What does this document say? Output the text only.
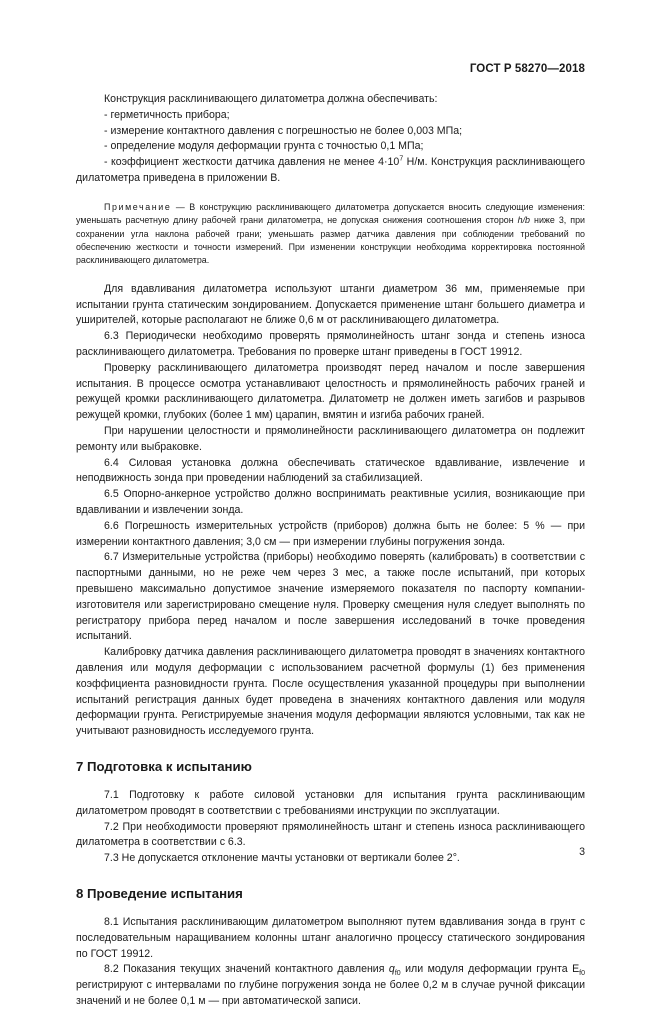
ГОСТ Р 58270—2018

Конструкция расклинивающего дилатометра должна обеспечивать:

- герметичность прибора;

- измерение контактного давления с погрешностью не более 0,003 МПа;

- определение модуля деформации грунта с точностью 0,1 МПа;

- коэффициент жесткости датчика давления не менее $4\cdot 10^7$ Н/м. Конструкция расклинивающего дилатометра приведена в приложении В.

Примечание — В конструкцию расклинивающего дилатометра допускается вносить следующие изменения: уменьшать расчетную длину рабочей грани дилатометра, не допуская снижения соотношения сторон h/b ниже 3, при сохранении угла наклона рабочей грани; уменьшать размер датчика давления при соблюдении требований по обеспечению жесткости и точности измерений. При изменении конструкции необходима корректировка постоянной расклинивающего дилатометра.

Для вдавливания дилатометра используют штанги диаметром 36 мм, применяемые при испытании грунта статическим зондированием. Допускается применение штанг большего диаметра и уширителей, которые располагают не ближе 0,6 м от расклинивающего дилатометра.

6.3 Периодически необходимо проверять прямолинейность штанг зонда и степень износа расклинивающего дилатометра. Требования по проверке штанг приведены в ГОСТ 19912.

Проверку расклинивающего дилатометра производят перед началом и после завершения испытания. В процессе осмотра устанавливают целостность и прямолинейность рабочих граней и режущей кромки расклинивающего дилатометра. Дилатометр не должен иметь загибов и разрывов режущей кромки, глубоких (более 1 мм) царапин, вмятин и изгиба рабочих граней.

При нарушении целостности и прямолинейности расклинивающего дилатометра он подлежит ремонту или выбраковке.

6.4 Силовая установка должна обеспечивать статическое вдавливание, извлечение и неподвижность зонда при проведении наблюдений за стабилизацией.

6.5 Опорно-анкерное устройство должно воспринимать реактивные усилия, возникающие при вдавливании и извлечении зонда.

6.6 Погрешность измерительных устройств (приборов) должна быть не более: 5 % — при измерении контактного давления; 3,0 см — при измерении глубины погружения зонда.

6.7 Измерительные устройства (приборы) необходимо поверять (калибровать) в соответствии с паспортными данными, но не реже чем через 3 мес, а также после испытаний, при которых превышено максимально допустимое значение измеряемого показателя по паспорту компании-изготовителя или зарегистрировано смещение нуля. Проверку смещения нуля следует выполнять по регистратору прибора перед началом и после завершения исследований в точке проведения испытаний.

Калибровку датчика давления расклинивающего дилатометра проводят в значениях контактного давления или модуля деформации с использованием расчетной формулы (1) без применения коэффициента разновидности грунта. После осуществления указанной процедуры при выполнении испытаний регистрация данных будет проведена в значениях контактного давления или модуля деформации грунта. Регистрируемые значения модуля деформации являются условными, так как не учитывают разновидность исследуемого грунта.

7 Подготовка к испытанию

7.1 Подготовку к работе силовой установки для испытания грунта расклинивающим дилатометром проводят в соответствии с требованиями инструкции по эксплуатации.

7.2 При необходимости проверяют прямолинейность штанг и степень износа расклинивающего дилатометра в соответствии с 6.3.

7.3 Не допускается отклонение мачты установки от вертикали более 2°.

8 Проведение испытания

8.1 Испытания расклинивающим дилатометром выполняют путем вдавливания зонда в грунт с последовательным наращиванием колонны штанг аналогично процессу статического зондирования по ГОСТ 19912.

8.2 Показания текущих значений контактного давления $q_{f0}$ или модуля деформации грунта $E_{f0}$ регистрируют с интервалами по глубине погружения зонда не более 0,2 м в случае ручной фиксации значений и не более 0,1 м — при автоматической записи.

3
